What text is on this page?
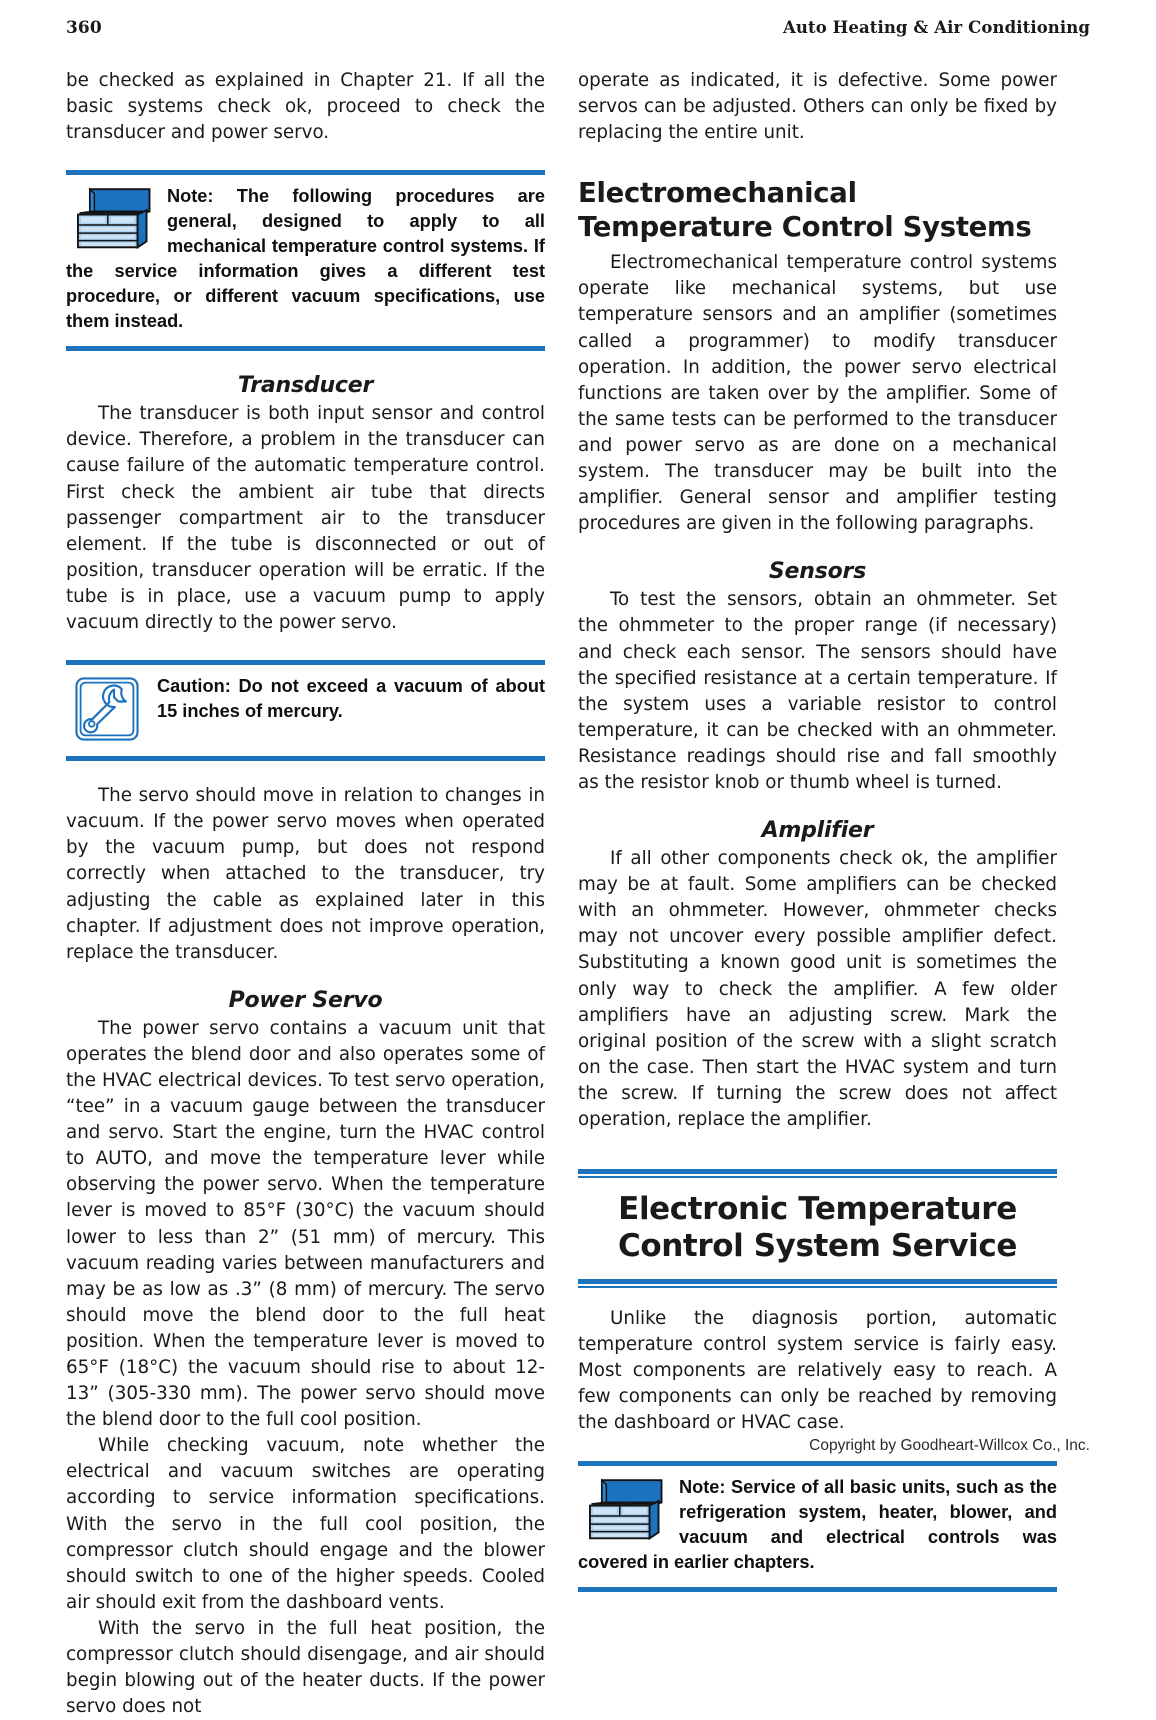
360	Auto Heating & Air Conditioning

be checked as explained in Chapter 21. If all the basic systems check ok, proceed to check the transducer and power servo.

Note: The following procedures are general, designed to apply to all mechanical temperature control systems. If the service information gives a different test procedure, or different vacuum specifications, use them instead.
Transducer

The transducer is both input sensor and control device. Therefore, a problem in the transducer can cause failure of the automatic temperature control. First check the ambient air tube that directs passenger compartment air to the transducer element. If the tube is disconnected or out of position, transducer operation will be erratic. If the tube is in place, use a vacuum pump to apply vacuum directly to the power servo.

Caution: Do not exceed a vacuum of about 15 inches of mercury.

The servo should move in relation to changes in vacuum. If the power servo moves when operated by the vacuum pump, but does not respond correctly when attached to the transducer, try adjusting the cable as explained later in this chapter. If adjustment does not improve operation, replace the transducer.

Power Servo

The power servo contains a vacuum unit that operates the blend door and also operates some of the HVAC electrical devices. To test servo operation, “tee” in a vacuum gauge between the transducer and servo. Start the engine, turn the HVAC control to AUTO, and move the temperature lever while observing the power servo. When the temperature lever is moved to 85°F (30°C) the vacuum should lower to less than 2” (51 mm) of mercury. This vacuum reading varies between manufacturers and may be as low as .3” (8 mm) of mercury. The servo should move the blend door to the full heat position. When the temperature lever is moved to 65°F (18°C) the vacuum should rise to about 12-13” (305-330 mm). The power servo should move the blend door to the full cool position.

While checking vacuum, note whether the electrical and vacuum switches are operating according to service information specifications. With the servo in the full cool position, the compressor clutch should engage and the blower should switch to one of the higher speeds. Cooled air should exit from the dashboard vents.

With the servo in the full heat position, the compressor clutch should disengage, and air should begin blowing out of the heater ducts. If the power servo does not

operate as indicated, it is defective. Some power servos can be adjusted. Others can only be fixed by replacing the entire unit.

Electromechanical Temperature Control Systems

Electromechanical temperature control systems operate like mechanical systems, but use temperature sensors and an amplifier (sometimes called a programmer) to modify transducer operation. In addition, the power servo electrical functions are taken over by the amplifier. Some of the same tests can be performed to the transducer and power servo as are done on a mechanical system. The transducer may be built into the amplifier. General sensor and amplifier testing procedures are given in the following paragraphs.

Sensors

To test the sensors, obtain an ohmmeter. Set the ohmmeter to the proper range (if necessary) and check each sensor. The sensors should have the specified resistance at a certain temperature. If the system uses a variable resistor to control temperature, it can be checked with an ohmmeter. Resistance readings should rise and fall smoothly as the resistor knob or thumb wheel is turned.

Amplifier

If all other components check ok, the amplifier may be at fault. Some amplifiers can be checked with an ohmmeter. However, ohmmeter checks may not uncover every possible amplifier defect. Substituting a known good unit is sometimes the only way to check the amplifier. A few older amplifiers have an adjusting screw. Mark the original position of the screw with a slight scratch on the case. Then start the HVAC system and turn the screw. If turning the screw does not affect operation, replace the amplifier.

Electronic Temperature Control System Service

Unlike the diagnosis portion, automatic temperature control system service is fairly easy. Most components are relatively easy to reach. A few components can only be reached by removing the dashboard or HVAC case.

Note: Service of all basic units, such as the refrigeration system, heater, blower, and vacuum and electrical controls was covered in earlier chapters.
Copyright by Goodheart-Willcox Co., Inc.
